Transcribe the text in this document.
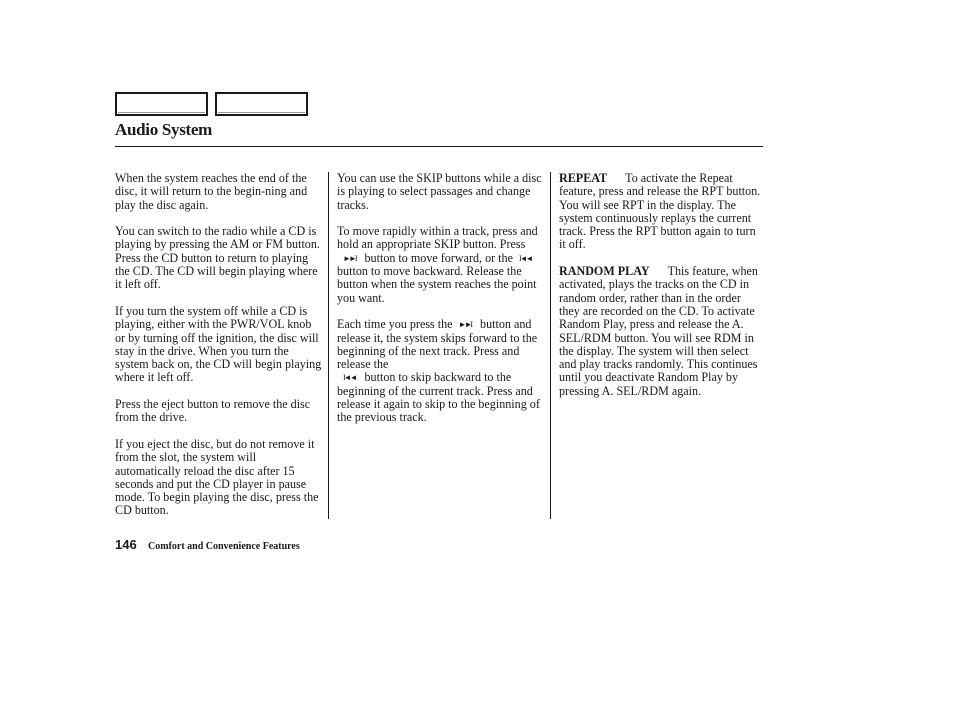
Audio System

When the system reaches the end of the disc, it will return to the begin-ning and play the disc again.

You can switch to the radio while a CD is playing by pressing the AM or FM button. Press the CD button to return to playing the CD. The CD will begin playing where it left off.

If you turn the system off while a CD is playing, either with the PWR/VOL knob or by turning off the ignition, the disc will stay in the drive. When you turn the system back on, the CD will begin playing where it left off.

Press the eject button to remove the disc from the drive.

If you eject the disc, but do not remove it from the slot, the system will automatically reload the disc after 15 seconds and put the CD player in pause mode. To begin playing the disc, press the CD button.

You can use the SKIP buttons while a disc is playing to select passages and change tracks.

To move rapidly within a track, press and hold an appropriate SKIP button. Press►►I button to move forward, or the I◄◄button to move backward. Release the button when the system reaches the point you want.

Each time you press the ►►I button and release it, the system skips forward to the beginning of the next track. Press and release the
I◄◄ button to skip backward to the beginning of the current track. Press and release it again to skip to the beginning of the previous track.

REPEAT To activate the Repeat feature, press and release the RPT button. You will see RPT in the display. The system continuously replays the current track. Press the RPT button again to turn it off.

RANDOM PLAY This feature, when activated, plays the tracks on the CD in random order, rather than in the order they are recorded on the CD. To activate Random Play, press and release the A. SEL/RDM button. You will see RDM in the display. The system will then select and play tracks randomly. This continues until you deactivate Random Play by pressing A. SEL/RDM again.

146 Comfort and Convenience Features
